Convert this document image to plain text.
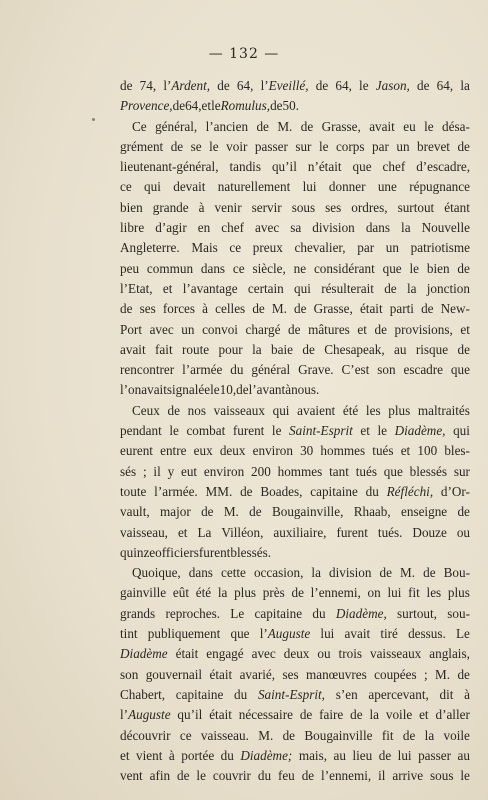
— 132 —
de 74, l’Ardent, de 64, l’Eveillé, de 64, le Jason, de 64, la
Provence, de 64, et le Romulus, de 50.
Ce général, l’ancien de M. de Grasse, avait eu le désa-
grément de se le voir passer sur le corps par un brevet de
lieutenant-général, tandis qu’il n’était que chef d’escadre,
ce qui devait naturellement lui donner une répugnance
bien grande à venir servir sous ses ordres, surtout étant
libre d’agir en chef avec sa division dans la Nouvelle
Angleterre. Mais ce preux chevalier, par un patriotisme
peu commun dans ce siècle, ne considérant que le bien de
l’Etat, et l’avantage certain qui résulterait de la jonction
de ses forces à celles de M. de Grasse, était parti de New-
Port avec un convoi chargé de mâtures et de provisions, et
avait fait route pour la baie de Chesapeak, au risque de
rencontrer l’armée du général Grave. C’est son escadre que
l’on avait signalée le 10, de l’avant à nous.
Ceux de nos vaisseaux qui avaient été les plus maltraités
pendant le combat furent le Saint-Esprit et le Diadème, qui
eurent entre eux deux environ 30 hommes tués et 100 bles-
sés ; il y eut environ 200 hommes tant tués que blessés sur
toute l’armée. MM. de Boades, capitaine du Réfléchi, d’Or-
vault, major de M. de Bougainville, Rhaab, enseigne de
vaisseau, et La Villéon, auxiliaire, furent tués. Douze ou
quinze officiers furent blessés.
Quoique, dans cette occasion, la division de M. de Bou-
gainville eût été la plus près de l’ennemi, on lui fit les plus
grands reproches. Le capitaine du Diadème, surtout, sou-
tint publiquement que l’Auguste lui avait tiré dessus. Le
Diadème était engagé avec deux ou trois vaisseaux anglais,
son gouvernail était avarié, ses manœuvres coupées ; M. de
Chabert, capitaine du Saint-Esprit, s’en apercevant, dit à
l’Auguste qu’il était nécessaire de faire de la voile et d’aller
découvrir ce vaisseau. M. de Bougainville fit de la voile
et vient à portée du Diadème; mais, au lieu de lui passer au
vent afin de le couvrir du feu de l’ennemi, il arrive sous le
